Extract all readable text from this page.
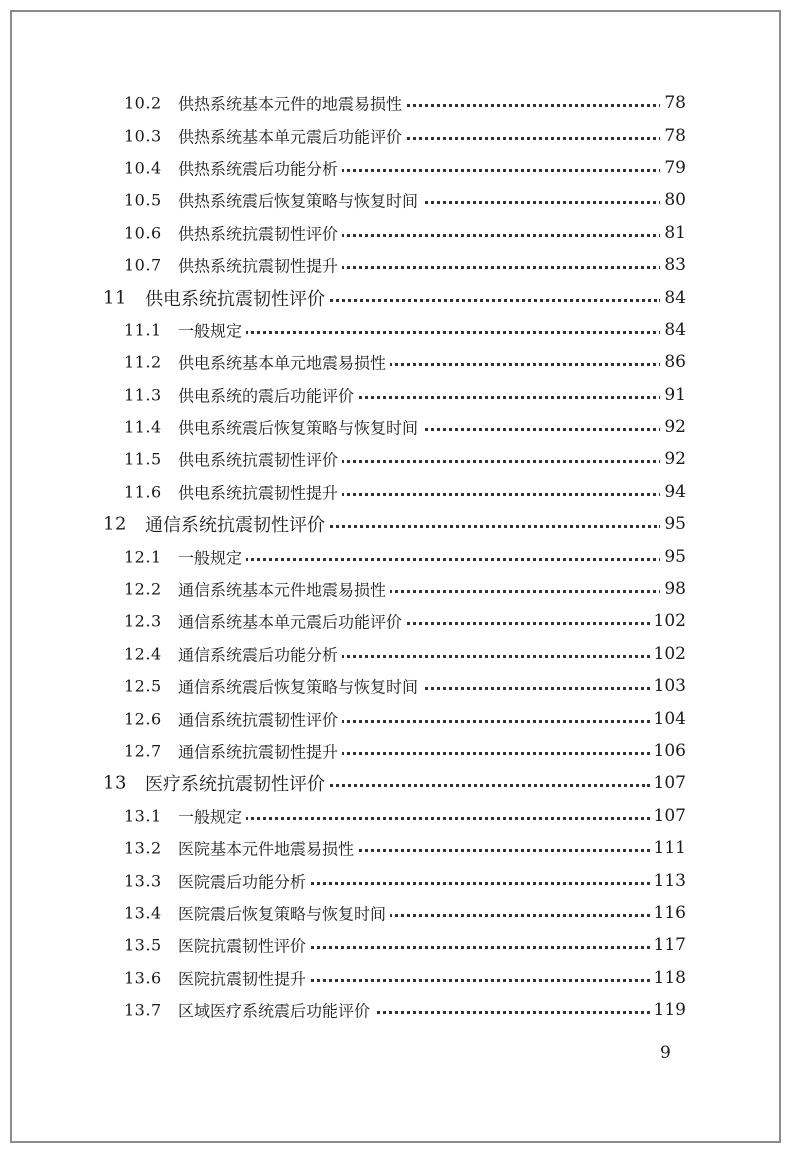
10.2 供热系统基本元件的地震易损性	78
10.3 供热系统基本单元震后功能评价	78
10.4 供热系统震后功能分析	79
10.5 供热系统震后恢复策略与恢复时间	80
10.6 供热系统抗震韧性评价	81
10.7 供热系统抗震韧性提升	83
11 供电系统抗震韧性评价	84
11.1 一般规定	84
11.2 供电系统基本单元地震易损性	86
11.3 供电系统的震后功能评价	91
11.4 供电系统震后恢复策略与恢复时间	92
11.5 供电系统抗震韧性评价	92
11.6 供电系统抗震韧性提升	94
12 通信系统抗震韧性评价	95
12.1 一般规定	95
12.2 通信系统基本元件地震易损性	98
12.3 通信系统基本单元震后功能评价	102
12.4 通信系统震后功能分析	102
12.5 通信系统震后恢复策略与恢复时间	103
12.6 通信系统抗震韧性评价	104
12.7 通信系统抗震韧性提升	106
13 医疗系统抗震韧性评价	107
13.1 一般规定	107
13.2 医院基本元件地震易损性	111
13.3 医院震后功能分析	113
13.4 医院震后恢复策略与恢复时间	116
13.5 医院抗震韧性评价	117
13.6 医院抗震韧性提升	118
13.7 区域医疗系统震后功能评价	119
9
